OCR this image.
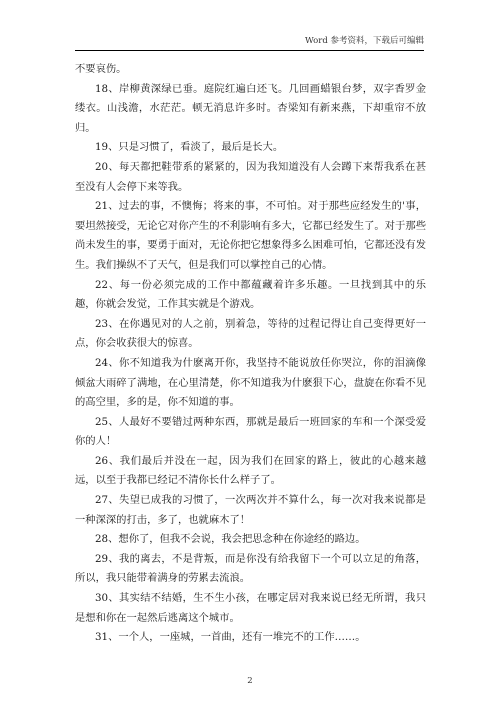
Word 参考资料，下载后可编辑

不要哀伤。

18、岸柳黄深绿已垂。庭院红遍白还飞。几回画蜡银台梦，双字香罗金缕衣。山浅澹，水茫茫。顿无消息许多时。杏梁知有新来燕，下却重帘不放归。

19、只是习惯了，看淡了，最后是长大。

20、每天都把鞋带系的紧紧的，因为我知道没有人会蹲下来帮我系在甚至没有人会停下来等我。

21、过去的事，不懊悔；将来的事，不可怕。对于那些应经发生的'事，要坦然接受，无论它对你产生的不利影响有多大，它都已经发生了。对于那些尚未发生的事，要勇于面对，无论你把它想象得多么困难可怕，它都还没有发生。我们操纵不了天气，但是我们可以掌控自己的心情。

22、每一份必须完成的工作中都蕴藏着许多乐趣。一旦找到其中的乐趣，你就会发觉，工作其实就是个游戏。

23、在你遇见对的人之前，别着急，等待的过程记得让自己变得更好一点，你会收获很大的惊喜。

24、你不知道我为什麽离开你，我坚持不能说放任你哭泣，你的泪滴像倾盆大雨碎了满地，在心里清楚，你不知道我为什麽狠下心，盘旋在你看不见的高空里，多的是，你不知道的事。

25、人最好不要错过两种东西，那就是最后一班回家的车和一个深受爱你的人！

26、我们最后并没在一起，因为我们在回家的路上，彼此的心越来越远，以至于我都已经记不清你长什么样子了。

27、失望已成我的习惯了，一次两次并不算什么，每一次对我来说都是一种深深的打击，多了，也就麻木了！

28、想你了，但我不会说，我会把思念种在你途经的路边。

29、我的离去，不是背叛，而是你没有给我留下一个可以立足的角落，所以，我只能带着满身的劳累去流浪。

30、其实结不结婚，生不生小孩，在哪定居对我来说已经无所谓，我只是想和你在一起然后逃离这个城市。

31、一个人，一座城，一首曲，还有一堆完不的工作……。

2
